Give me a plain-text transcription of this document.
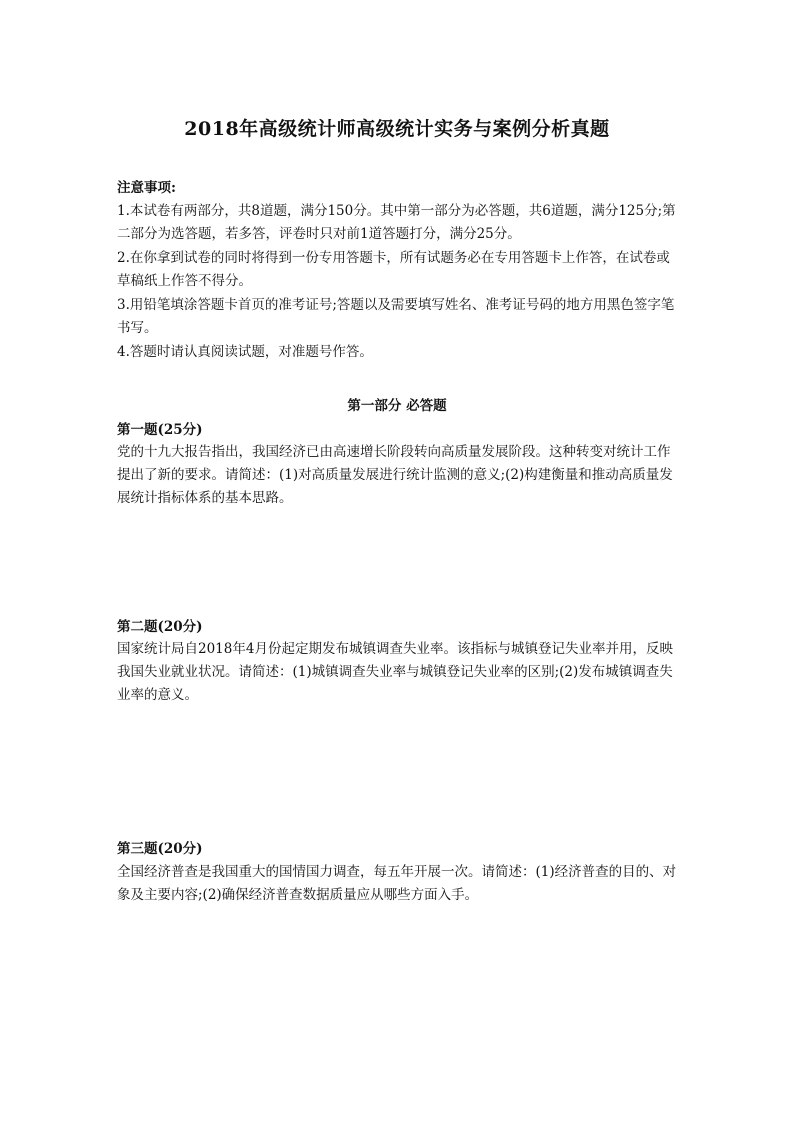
2018年高级统计师高级统计实务与案例分析真题
注意事项:

1.本试卷有两部分，共8道题，满分150分。其中第一部分为必答题，共6道题，满分125分;第二部分为选答题，若多答，评卷时只对前1道答题打分，满分25分。

2.在你拿到试卷的同时将得到一份专用答题卡，所有试题务必在专用答题卡上作答，在试卷或草稿纸上作答不得分。

3.用铅笔填涂答题卡首页的准考证号;答题以及需要填写姓名、准考证号码的地方用黑色签字笔书写。

4.答题时请认真阅读试题，对准题号作答。

第一部分 必答题
第一题(25分)

党的十九大报告指出，我国经济已由高速增长阶段转向高质量发展阶段。这种转变对统计工作提出了新的要求。请简述：(1)对高质量发展进行统计监测的意义;(2)构建衡量和推动高质量发展统计指标体系的基本思路。

第二题(20分)

国家统计局自2018年4月份起定期发布城镇调查失业率。该指标与城镇登记失业率并用，反映我国失业就业状况。请简述：(1)城镇调查失业率与城镇登记失业率的区别;(2)发布城镇调查失业率的意义。

第三题(20分)

全国经济普查是我国重大的国情国力调查，每五年开展一次。请简述：(1)经济普查的目的、对象及主要内容;(2)确保经济普查数据质量应从哪些方面入手。
